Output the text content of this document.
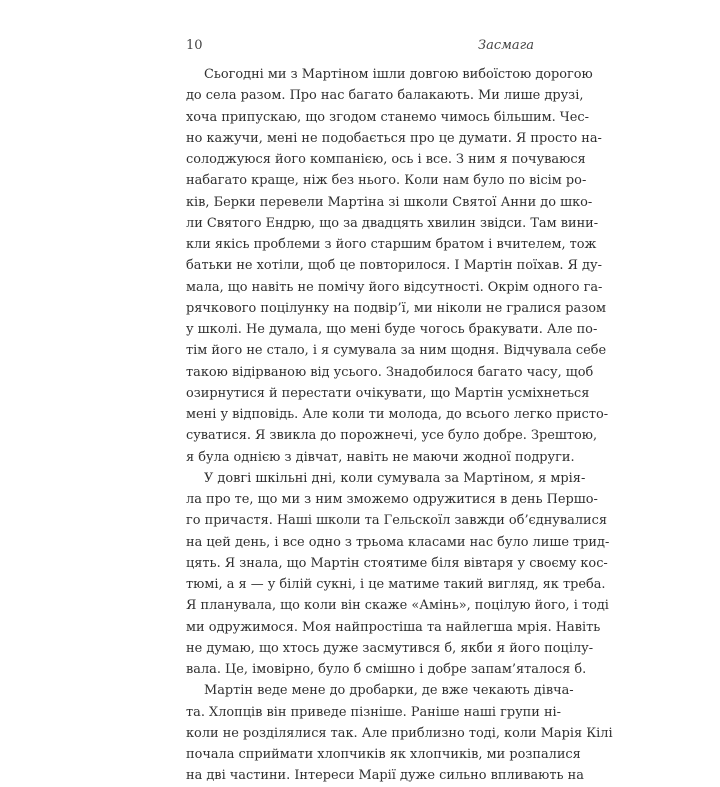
10	Засмага
Сьогодні ми з Мартіном ішли довгою вибоїстою дорогою
до села разом. Про нас багато балакають. Ми лише друзі,
хоча припускаю, що згодом станемо чимось більшим. Чес-
но кажучи, мені не подобається про це думати. Я просто на-
солоджуюся його компанією, ось і все. З ним я почуваюся
набагато краще, ніж без нього. Коли нам було по вісім ро-
ків, Берки перевели Мартіна зі школи Святої Анни до шко-
ли Святого Ендрю, що за двадцять хвилин звідси. Там вини-
кли якісь проблеми з його старшим братом і вчителем, тож
батьки не хотіли, щоб це повторилося. І Мартін поїхав. Я ду-
мала, що навіть не помічу його відсутності. Окрім одного га-
рячкового поцілунку на подвір’ї, ми ніколи не гралися разом
у школі. Не думала, що мені буде чогось бракувати. Але по-
тім його не стало, і я сумувала за ним щодня. Відчувала себе
такою відірваною від усього. Знадобилося багато часу, щоб
озирнутися й перестати очікувати, що Мартін усміхнеться
мені у відповідь. Але коли ти молода, до всього легко присто-
суватися. Я звикла до порожнечі, усе було добре. Зрештою,
я була однією з дівчат, навіть не маючи жодної подруги.
У довгі шкільні дні, коли сумувала за Мартіном, я мрія-
ла про те, що ми з ним зможемо одружитися в день Першо-
го причастя. Наші школи та Гельскоїл завжди об’єднувалися
на цей день, і все одно з трьома класами нас було лише трид-
цять. Я знала, що Мартін стоятиме біля вівтаря у своєму кос-
тюмі, а я — у білій сукні, і це матиме такий вигляд, як треба.
Я планувала, що коли він скаже «Амінь», поцілую його, і тоді
ми одружимося. Моя найпростіша та найлегша мрія. Навіть
не думаю, що хтось дуже засмутився б, якби я його поцілу-
вала. Це, імовірно, було б смішно і добре запам’яталося б.
Мартін веде мене до дробарки, де вже чекають дівча-
та. Хлопців він приведе пізніше. Раніше наші групи ні-
коли не розділялися так. Але приблизно тоді, коли Марія Кілі
почала сприймати хлопчиків як хлопчиків, ми розпалися
на дві частини. Інтереси Марії дуже сильно впливають на
